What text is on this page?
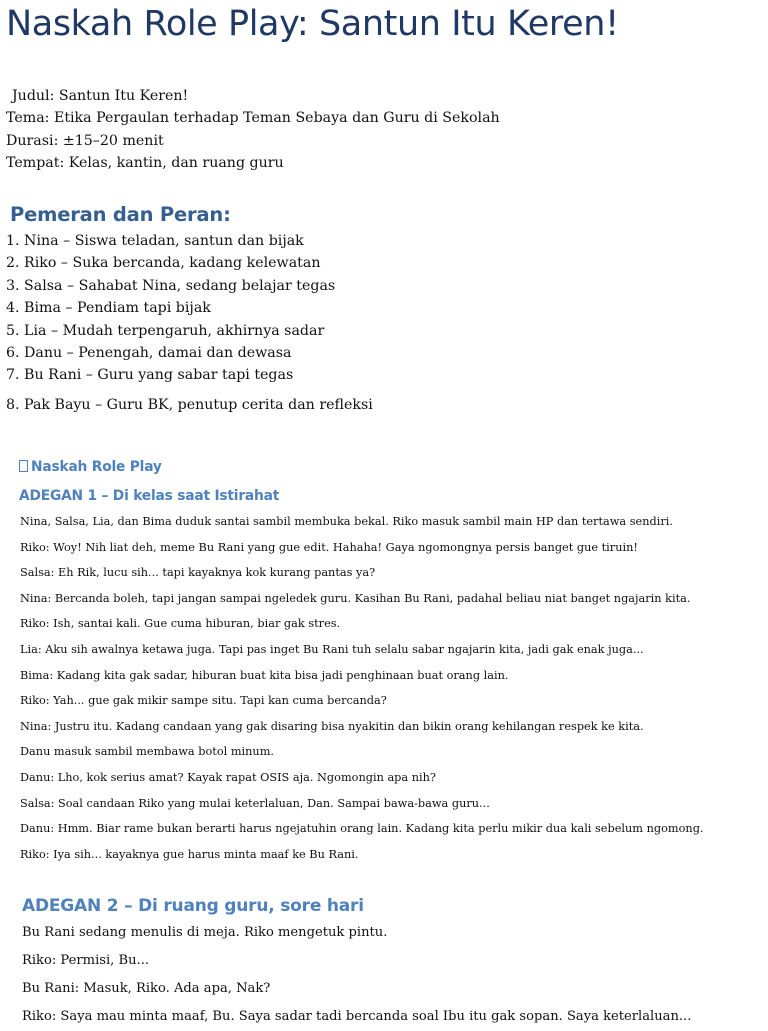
Naskah Role Play: Santun Itu Keren!
Judul: Santun Itu Keren!
Tema: Etika Pergaulan terhadap Teman Sebaya dan Guru di Sekolah
Durasi: ±15–20 menit
Tempat: Kelas, kantin, dan ruang guru
Pemeran dan Peran:
1. Nina – Siswa teladan, santun dan bijak
2. Riko – Suka bercanda, kadang kelewatan
3. Salsa – Sahabat Nina, sedang belajar tegas
4. Bima – Pendiam tapi bijak
5. Lia – Mudah terpengaruh, akhirnya sadar
6. Danu – Penengah, damai dan dewasa
7. Bu Rani – Guru yang sabar tapi tegas
8. Pak Bayu – Guru BK, penutup cerita dan refleksi
Naskah Role Play
ADEGAN 1 – Di kelas saat Istirahat
Nina, Salsa, Lia, dan Bima duduk santai sambil membuka bekal. Riko masuk sambil main HP dan tertawa sendiri.
Riko: Woy! Nih liat deh, meme Bu Rani yang gue edit. Hahaha! Gaya ngomongnya persis banget gue tiruin!
Salsa: Eh Rik, lucu sih... tapi kayaknya kok kurang pantas ya?
Nina: Bercanda boleh, tapi jangan sampai ngeledek guru. Kasihan Bu Rani, padahal beliau niat banget ngajarin kita.
Riko: Ish, santai kali. Gue cuma hiburan, biar gak stres.
Lia: Aku sih awalnya ketawa juga. Tapi pas inget Bu Rani tuh selalu sabar ngajarin kita, jadi gak enak juga...
Bima: Kadang kita gak sadar, hiburan buat kita bisa jadi penghinaan buat orang lain.
Riko: Yah... gue gak mikir sampe situ. Tapi kan cuma bercanda?
Nina: Justru itu. Kadang candaan yang gak disaring bisa nyakitin dan bikin orang kehilangan respek ke kita.
Danu masuk sambil membawa botol minum.
Danu: Lho, kok serius amat? Kayak rapat OSIS aja. Ngomongin apa nih?
Salsa: Soal candaan Riko yang mulai keterlaluan, Dan. Sampai bawa-bawa guru...
Danu: Hmm. Biar rame bukan berarti harus ngejatuhin orang lain. Kadang kita perlu mikir dua kali sebelum ngomong.
Riko: Iya sih... kayaknya gue harus minta maaf ke Bu Rani.
ADEGAN 2 – Di ruang guru, sore hari
Bu Rani sedang menulis di meja. Riko mengetuk pintu.
Riko: Permisi, Bu...
Bu Rani: Masuk, Riko. Ada apa, Nak?
Riko: Saya mau minta maaf, Bu. Saya sadar tadi bercanda soal Ibu itu gak sopan. Saya keterlaluan...
